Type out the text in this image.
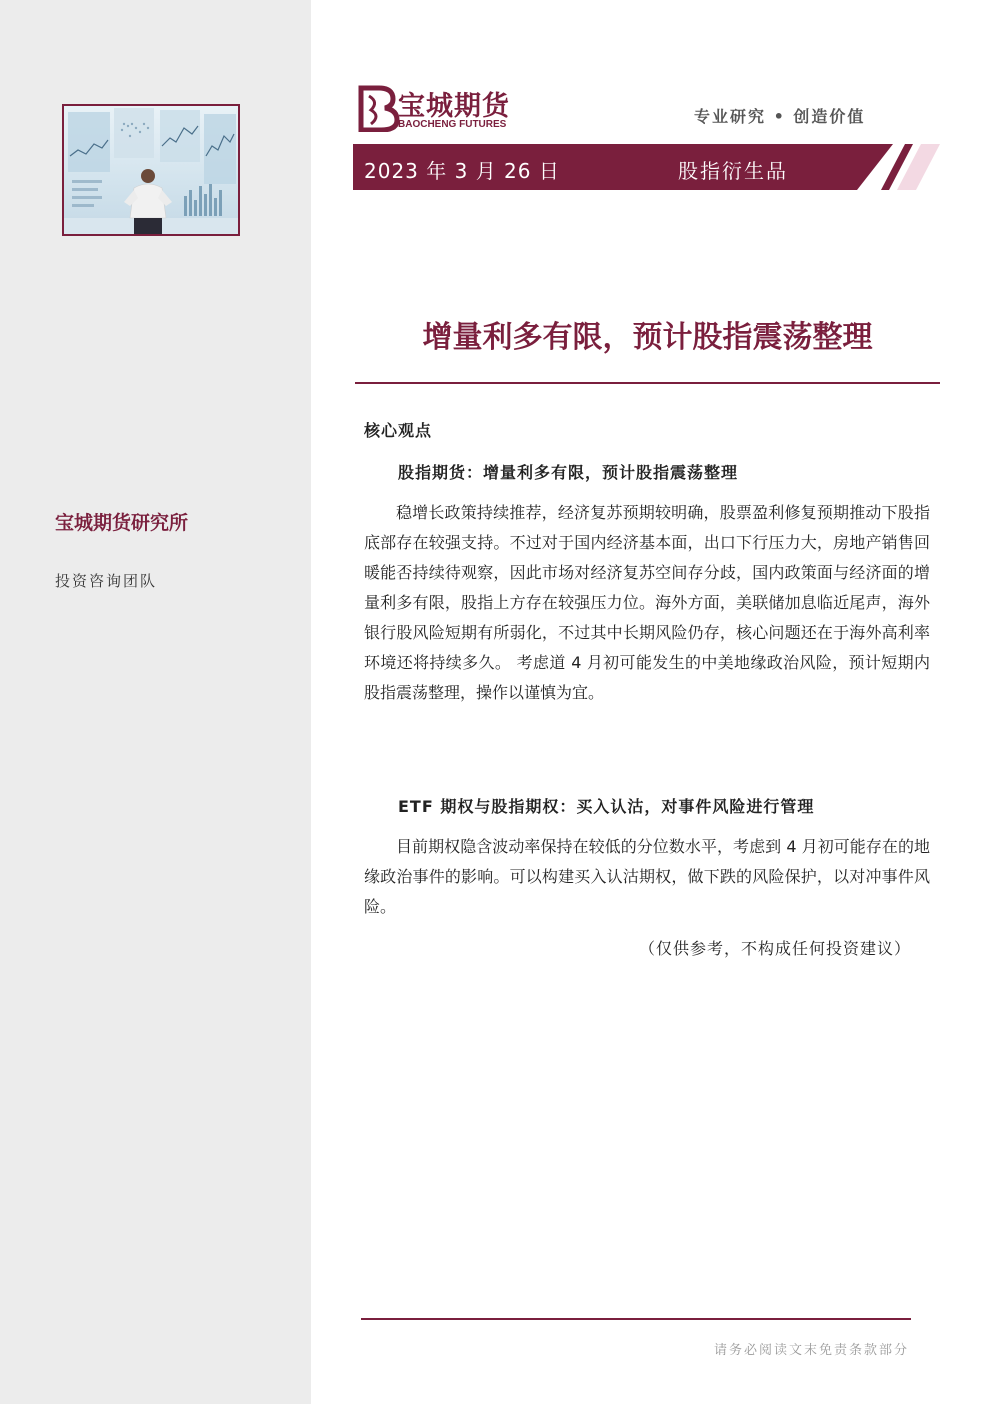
宝城期货研究所
投资咨询团队
宝城期货
BAOCHENG FUTURES	专业研究 • 创造价值
2023 年 3 月 26 日	股指衍生品
增量利多有限，预计股指震荡整理
核心观点
股指期货：增量利多有限，预计股指震荡整理

稳增长政策持续推荐，经济复苏预期较明确，股票盈利修复预期推动下股指底部存在较强支持。不过对于国内经济基本面，出口下行压力大，房地产销售回暖能否持续待观察，因此市场对经济复苏空间存分歧，国内政策面与经济面的增量利多有限，股指上方存在较强压力位。海外方面，美联储加息临近尾声，海外银行股风险短期有所弱化，不过其中长期风险仍存，核心问题还在于海外高利率环境还将持续多久。 考虑道 4 月初可能发生的中美地缘政治风险，预计短期内股指震荡整理，操作以谨慎为宜。

ETF 期权与股指期权：买入认沽，对事件风险进行管理

目前期权隐含波动率保持在较低的分位数水平，考虑到 4 月初可能存在的地缘政治事件的影响。可以构建买入认沽期权，做下跌的风险保护，以对冲事件风险。

（仅供参考，不构成任何投资建议）
请务必阅读文末免责条款部分
